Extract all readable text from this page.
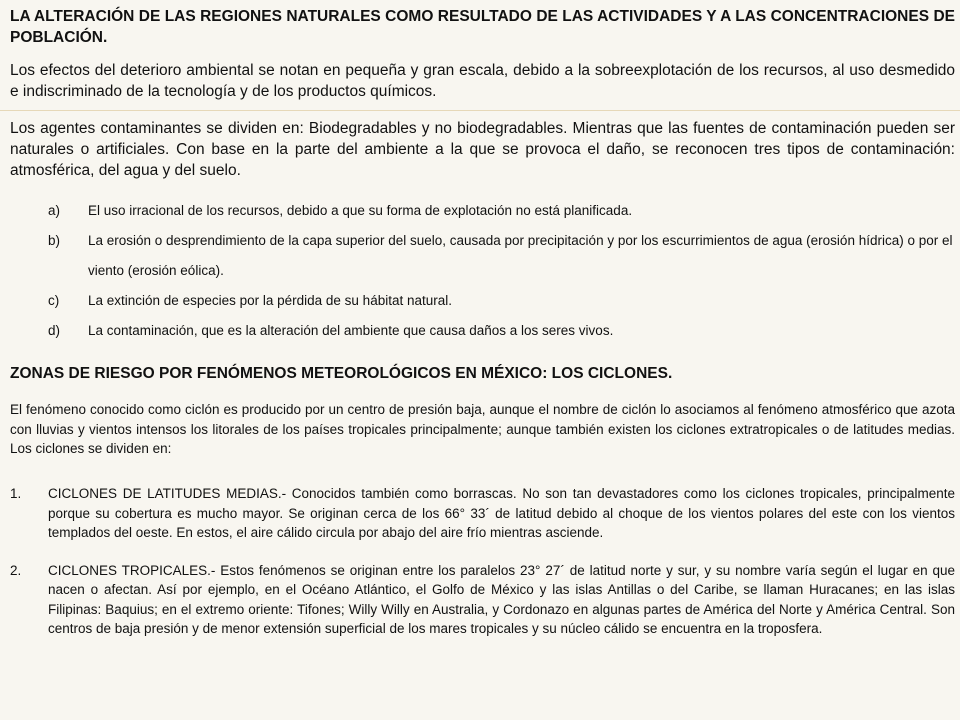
LA ALTERACIÓN DE LAS REGIONES NATURALES COMO RESULTADO DE LAS ACTIVIDADES Y A LAS CONCENTRACIONES DE POBLACIÓN.

Los efectos del deterioro ambiental se notan en pequeña y gran escala, debido a la sobreexplotación de los recursos, al uso desmedido e indiscriminado de la tecnología y de los productos químicos.

Los agentes contaminantes se dividen en: Biodegradables y no biodegradables. Mientras que las fuentes de contaminación pueden ser naturales o artificiales. Con base en la parte del ambiente a la que se provoca el daño, se reconocen tres tipos de contaminación: atmosférica, del agua y del suelo.

a) El uso irracional de los recursos, debido a que su forma de explotación no está planificada.
b) La erosión o desprendimiento de la capa superior del suelo, causada por precipitación y por los escurrimientos de agua (erosión hídrica) o por el viento (erosión eólica).
c) La extinción de especies por la pérdida de su hábitat natural.
d) La contaminación, que es la alteración del ambiente que causa daños a los seres vivos.
ZONAS DE RIESGO POR FENÓMENOS METEOROLÓGICOS EN MÉXICO: LOS CICLONES.

El fenómeno conocido como ciclón es producido por un centro de presión baja, aunque el nombre de ciclón lo asociamos al fenómeno atmosférico que azota con lluvias y vientos intensos los litorales de los países tropicales principalmente; aunque también existen los ciclones extratropicales o de latitudes medias. Los ciclones se dividen en:

1. CICLONES DE LATITUDES MEDIAS.- Conocidos también como borrascas. No son tan devastadores como los ciclones tropicales, principalmente porque su cobertura es mucho mayor. Se originan cerca de los 66° 33´ de latitud debido al choque de los vientos polares del este con los vientos templados del oeste. En estos, el aire cálido circula por abajo del aire frío mientras asciende.
2. CICLONES TROPICALES.- Estos fenómenos se originan entre los paralelos 23° 27´ de latitud norte y sur, y su nombre varía según el lugar en que nacen o afectan. Así por ejemplo, en el Océano Atlántico, el Golfo de México y las islas Antillas o del Caribe, se llaman Huracanes; en las islas Filipinas: Baquius; en el extremo oriente: Tifones; Willy Willy en Australia, y Cordonazo en algunas partes de América del Norte y América Central. Son centros de baja presión y de menor extensión superficial de los mares tropicales y su núcleo cálido se encuentra en la troposfera.
